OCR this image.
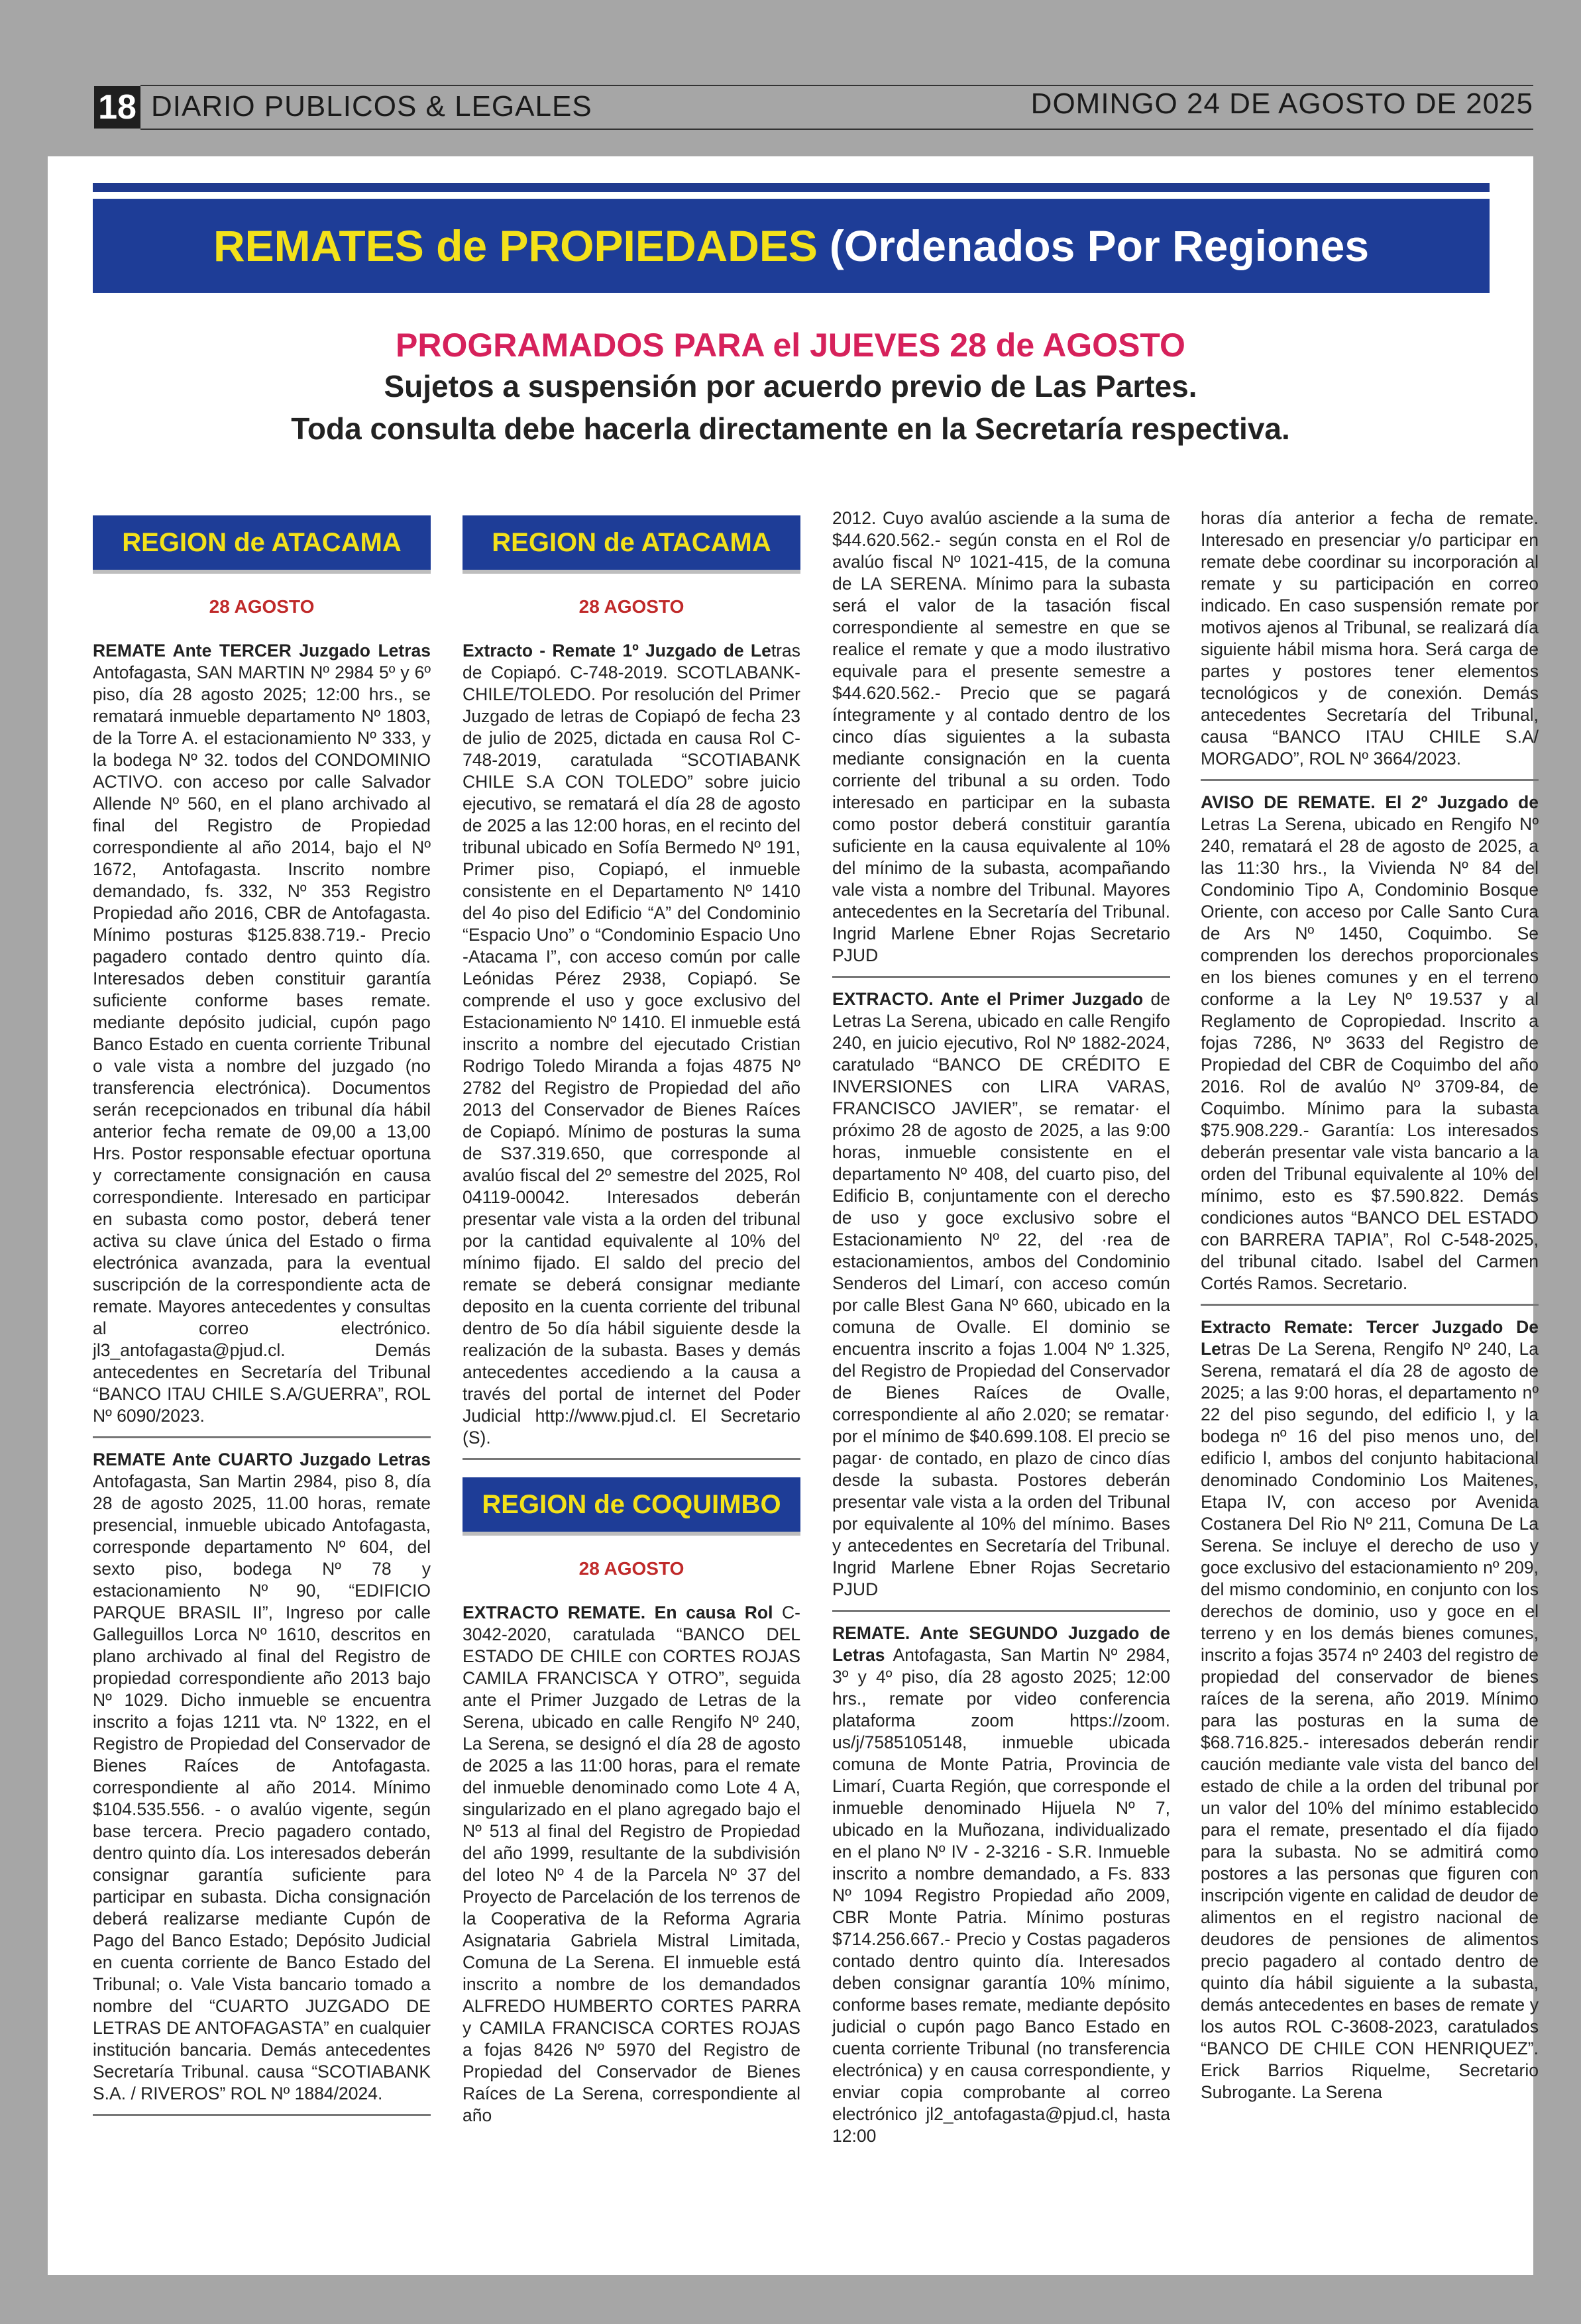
18 DIARIO PUBLICOS & LEGALES	DOMINGO 24 DE AGOSTO DE 2025
REMATES de PROPIEDADES (Ordenados Por Regiones
PROGRAMADOS PARA el JUEVES 28 de AGOSTO
Sujetos a suspensión por acuerdo previo de Las Partes.
Toda consulta debe hacerla directamente en la Secretaría respectiva.
REGION de ATACAMA
28 AGOSTO

REMATE Ante TERCER Juzgado Letras Antofagasta, SAN MARTIN Nº 2984 5º y 6º piso, día 28 agosto 2025; 12:00 hrs., se rematará inmueble departamento Nº 1803, de la Torre A. el estacionamiento Nº 333, y la bodega Nº 32. todos del CONDOMINIO ACTIVO. con acceso por calle Salvador Allende Nº 560, en el plano archivado al final del Registro de Propiedad correspondiente al año 2014, bajo el Nº 1672, Antofagasta. Inscrito nombre demandado, fs. 332, Nº 353 Registro Propiedad año 2016, CBR de Antofagasta. Mínimo posturas $125.838.719.- Precio pagadero contado dentro quinto día. Interesados deben constituir garantía suficiente conforme bases remate. mediante depósito judicial, cupón pago Banco Estado en cuenta corriente Tribunal o vale vista a nombre del juzgado (no transferencia electrónica). Documentos serán recepcionados en tribunal día hábil anterior fecha remate de 09,00 a 13,00 Hrs. Postor responsable efectuar oportuna y correctamente consignación en causa correspondiente. Interesado en participar en subasta como postor, deberá tener activa su clave única del Estado o firma electrónica avanzada, para la eventual suscripción de la correspondiente acta de remate. Mayores antecedentes y consultas al correo electrónico. jl3_antofagasta@pjud.cl. Demás antecedentes en Secretaría del Tribunal “BANCO ITAU CHILE S.A/GUERRA”, ROL Nº 6090/2023.

REMATE Ante CUARTO Juzgado Letras Antofagasta, San Martin 2984, piso 8, día 28 de agosto 2025, 11.00 horas, remate presencial, inmueble ubicado Antofagasta, corresponde departamento Nº 604, del sexto piso, bodega Nº 78 y estacionamiento Nº 90, “EDIFICIO PARQUE BRASIL II”, Ingreso por calle Galleguillos Lorca Nº 1610, descritos en plano archivado al final del Registro de propiedad correspondiente año 2013 bajo Nº 1029. Dicho inmueble se encuentra inscrito a fojas 1211 vta. Nº 1322, en el Registro de Propiedad del Conservador de Bienes Raíces de Antofagasta. correspondiente al año 2014. Mínimo $104.535.556. - o avalúo vigente, según base tercera. Precio pagadero contado, dentro quinto día. Los interesados deberán consignar garantía suficiente para participar en subasta. Dicha consignación deberá realizarse mediante Cupón de Pago del Banco Estado; Depósito Judicial en cuenta corriente de Banco Estado del Tribunal; o. Vale Vista bancario tomado a nombre del “CUARTO JUZGADO DE LETRAS DE ANTOFAGASTA” en cualquier institución bancaria. Demás antecedentes Secretaría Tribunal. causa “SCOTIABANK S.A. / RIVEROS” ROL Nº 1884/2024.

REGION de ATACAMA
28 AGOSTO

Extracto - Remate 1º Juzgado de Letras de Copiapó. C-748-2019. SCOTLABANK-CHILE/TOLEDO. Por resolución del Primer Juzgado de letras de Copiapó de fecha 23 de julio de 2025, dictada en causa Rol C-748-2019, caratulada “SCOTIABANK CHILE S.A CON TOLEDO” sobre juicio ejecutivo, se rematará el día 28 de agosto de 2025 a las 12:00 horas, en el recinto del tribunal ubicado en Sofía Bermedo Nº 191, Primer piso, Copiapó, el inmueble consistente en el Departamento Nº 1410 del 4o piso del Edificio “A” del Condominio “Espacio Uno” o “Condominio Espacio Uno -Atacama I”, con acceso común por calle Leónidas Pérez 2938, Copiapó. Se comprende el uso y goce exclusivo del Estacionamiento Nº 1410. El inmueble está inscrito a nombre del ejecutado Cristian Rodrigo Toledo Miranda a fojas 4875 Nº 2782 del Registro de Propiedad del año 2013 del Conservador de Bienes Raíces de Copiapó. Mínimo de posturas la suma de S37.319.650, que corresponde al avalúo fiscal del 2º semestre del 2025, Rol 04119-00042. Interesados deberán presentar vale vista a la orden del tribunal por la cantidad equivalente al 10% del mínimo fijado. El saldo del precio del remate se deberá consignar mediante deposito en la cuenta corriente del tribunal dentro de 5o día hábil siguiente desde la realización de la subasta. Bases y demás antecedentes accediendo a la causa a través del portal de internet del Poder Judicial http://www.pjud.cl. El Secretario (S).

REGION de COQUIMBO
28 AGOSTO

EXTRACTO REMATE. En causa Rol C-3042-2020, caratulada “BANCO DEL ESTADO DE CHILE con CORTES ROJAS CAMILA FRANCISCA Y OTRO”, seguida ante el Primer Juzgado de Letras de la Serena, ubicado en calle Rengifo Nº 240, La Serena, se designó el día 28 de agosto de 2025 a las 11:00 horas, para el remate del inmueble denominado como Lote 4 A, singularizado en el plano agregado bajo el Nº 513 al final del Registro de Propiedad del año 1999, resultante de la subdivisión del loteo Nº 4 de la Parcela Nº 37 del Proyecto de Parcelación de los terrenos de la Cooperativa de la Reforma Agraria Asignataria Gabriela Mistral Limitada, Comuna de La Serena. El inmueble está inscrito a nombre de los demandados ALFREDO HUMBERTO CORTES PARRA y CAMILA FRANCISCA CORTES ROJAS a fojas 8426 Nº 5970 del Registro de Propiedad del Conservador de Bienes Raíces de La Serena, correspondiente al año

2012. Cuyo avalúo asciende a la suma de $44.620.562.- según consta en el Rol de avalúo fiscal Nº 1021-415, de la comuna de LA SERENA. Mínimo para la subasta será el valor de la tasación fiscal correspondiente al semestre en que se realice el remate y que a modo ilustrativo equivale para el presente semestre a $44.620.562.- Precio que se pagará íntegramente y al contado dentro de los cinco días siguientes a la subasta mediante consignación en la cuenta corriente del tribunal a su orden. Todo interesado en participar en la subasta como postor deberá constituir garantía suficiente en la causa equivalente al 10% del mínimo de la subasta, acompañando vale vista a nombre del Tribunal. Mayores antecedentes en la Secretaría del Tribunal. Ingrid Marlene Ebner Rojas Secretario PJUD

EXTRACTO. Ante el Primer Juzgado de Letras La Serena, ubicado en calle Rengifo 240, en juicio ejecutivo, Rol Nº 1882-2024, caratulado “BANCO DE CRÉDITO E INVERSIONES con LIRA VARAS, FRANCISCO JAVIER”, se rematar· el próximo 28 de agosto de 2025, a las 9:00 horas, inmueble consistente en el departamento Nº 408, del cuarto piso, del Edificio B, conjuntamente con el derecho de uso y goce exclusivo sobre el Estacionamiento Nº 22, del ·rea de estacionamientos, ambos del Condominio Senderos del Limarí, con acceso común por calle Blest Gana Nº 660, ubicado en la comuna de Ovalle. El dominio se encuentra inscrito a fojas 1.004 Nº 1.325, del Registro de Propiedad del Conservador de Bienes Raíces de Ovalle, correspondiente al año 2.020; se rematar· por el mínimo de $40.699.108. El precio se pagar· de contado, en plazo de cinco días desde la subasta. Postores deberán presentar vale vista a la orden del Tribunal por equivalente al 10% del mínimo. Bases y antecedentes en Secretaría del Tribunal. Ingrid Marlene Ebner Rojas Secretario PJUD

REMATE. Ante SEGUNDO Juzgado de Letras Antofagasta, San Martin Nº 2984, 3º y 4º piso, día 28 agosto 2025; 12:00 hrs., remate por video conferencia plataforma zoom https://zoom. us/j/7585105148, inmueble ubicada comuna de Monte Patria, Provincia de Limarí, Cuarta Región, que corresponde el inmueble denominado Hijuela Nº 7, ubicado en la Muñozana, individualizado en el plano Nº IV - 2-3216 - S.R. Inmueble inscrito a nombre demandado, a Fs. 833 Nº 1094 Registro Propiedad año 2009, CBR Monte Patria. Mínimo posturas $714.256.667.- Precio y Costas pagaderos contado dentro quinto día. Interesados deben consignar garantía 10% mínimo, conforme bases remate, mediante depósito judicial o cupón pago Banco Estado en cuenta corriente Tribunal (no transferencia electrónica) y en causa correspondiente, y enviar copia comprobante al correo electrónico jl2_antofagasta@pjud.cl, hasta 12:00

horas día anterior a fecha de remate. Interesado en presenciar y/o participar en remate debe coordinar su incorporación al remate y su participación en correo indicado. En caso suspensión remate por motivos ajenos al Tribunal, se realizará día siguiente hábil misma hora. Será carga de partes y postores tener elementos tecnológicos y de conexión. Demás antecedentes Secretaría del Tribunal, causa “BANCO ITAU CHILE S.A/ MORGADO”, ROL Nº 3664/2023.

AVISO DE REMATE. El 2º Juzgado de Letras La Serena, ubicado en Rengifo Nº 240, rematará el 28 de agosto de 2025, a las 11:30 hrs., la Vivienda Nº 84 del Condominio Tipo A, Condominio Bosque Oriente, con acceso por Calle Santo Cura de Ars Nº 1450, Coquimbo. Se comprenden los derechos proporcionales en los bienes comunes y en el terreno conforme a la Ley Nº 19.537 y al Reglamento de Copropiedad. Inscrito a fojas 7286, Nº 3633 del Registro de Propiedad del CBR de Coquimbo del año 2016. Rol de avalúo Nº 3709-84, de Coquimbo. Mínimo para la subasta $75.908.229.- Garantía: Los interesados deberán presentar vale vista bancario a la orden del Tribunal equivalente al 10% del mínimo, esto es $7.590.822. Demás condiciones autos “BANCO DEL ESTADO con BARRERA TAPIA”, Rol C-548-2025, del tribunal citado. Isabel del Carmen Cortés Ramos. Secretario.

Extracto Remate: Tercer Juzgado De Letras De La Serena, Rengifo Nº 240, La Serena, rematará el día 28 de agosto de 2025; a las 9:00 horas, el departamento nº 22 del piso segundo, del edificio l, y la bodega nº 16 del piso menos uno, del edificio l, ambos del conjunto habitacional denominado Condominio Los Maitenes, Etapa IV, con acceso por Avenida Costanera Del Rio Nº 211, Comuna De La Serena. Se incluye el derecho de uso y goce exclusivo del estacionamiento nº 209, del mismo condominio, en conjunto con los derechos de dominio, uso y goce en el terreno y en los demás bienes comunes, inscrito a fojas 3574 nº 2403 del registro de propiedad del conservador de bienes raíces de la serena, año 2019. Mínimo para las posturas en la suma de $68.716.825.- interesados deberán rendir caución mediante vale vista del banco del estado de chile a la orden del tribunal por un valor del 10% del mínimo establecido para el remate, presentado el día fijado para la subasta. No se admitirá como postores a las personas que figuren con inscripción vigente en calidad de deudor de alimentos en el registro nacional de deudores de pensiones de alimentos precio pagadero al contado dentro de quinto día hábil siguiente a la subasta, demás antecedentes en bases de remate y los autos ROL C-3608-2023, caratulados “BANCO DE CHILE CON HENRIQUEZ”. Erick Barrios Riquelme, Secretario Subrogante. La Serena
